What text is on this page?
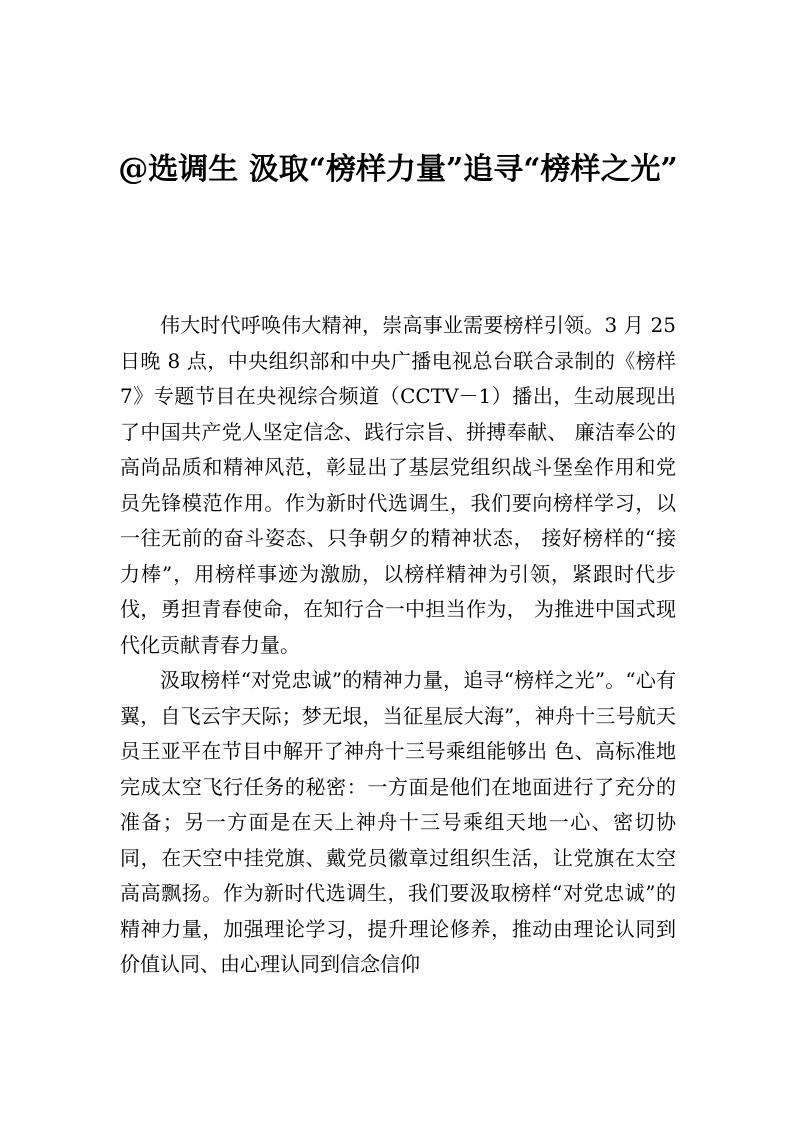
@选调生 汲取“榜样力量”追寻“榜样之光”

伟大时代呼唤伟大精神，崇高事业需要榜样引领。3 月 25 日晚 8 点，中央组织部和中央广播电视总台联合录制的《榜样 7》专题节目在央视综合频道（CCTV－1）播出，生动展现出了中国共产党人坚定信念、践行宗旨、拼搏奉献、 廉洁奉公的高尚品质和精神风范，彰显出了基层党组织战斗堡垒作用和党员先锋模范作用。作为新时代选调生，我们要向榜样学习，以一往无前的奋斗姿态、只争朝夕的精神状态， 接好榜样的“接力棒”，用榜样事迹为激励，以榜样精神为引领，紧跟时代步伐，勇担青春使命，在知行合一中担当作为， 为推进中国式现代化贡献青春力量。

汲取榜样“对党忠诚”的精神力量，追寻“榜样之光”。“心有翼，自飞云宇天际；梦无垠，当征星辰大海”，神舟十三号航天员王亚平在节目中解开了神舟十三号乘组能够出 色、高标准地完成太空飞行任务的秘密：一方面是他们在地面进行了充分的准备；另一方面是在天上神舟十三号乘组天地一心、密切协同，在天空中挂党旗、戴党员徽章过组织生活，让党旗在太空高高飘扬。作为新时代选调生，我们要汲取榜样“对党忠诚”的精神力量，加强理论学习，提升理论修养，推动由理论认同到价值认同、由心理认同到信念信仰
